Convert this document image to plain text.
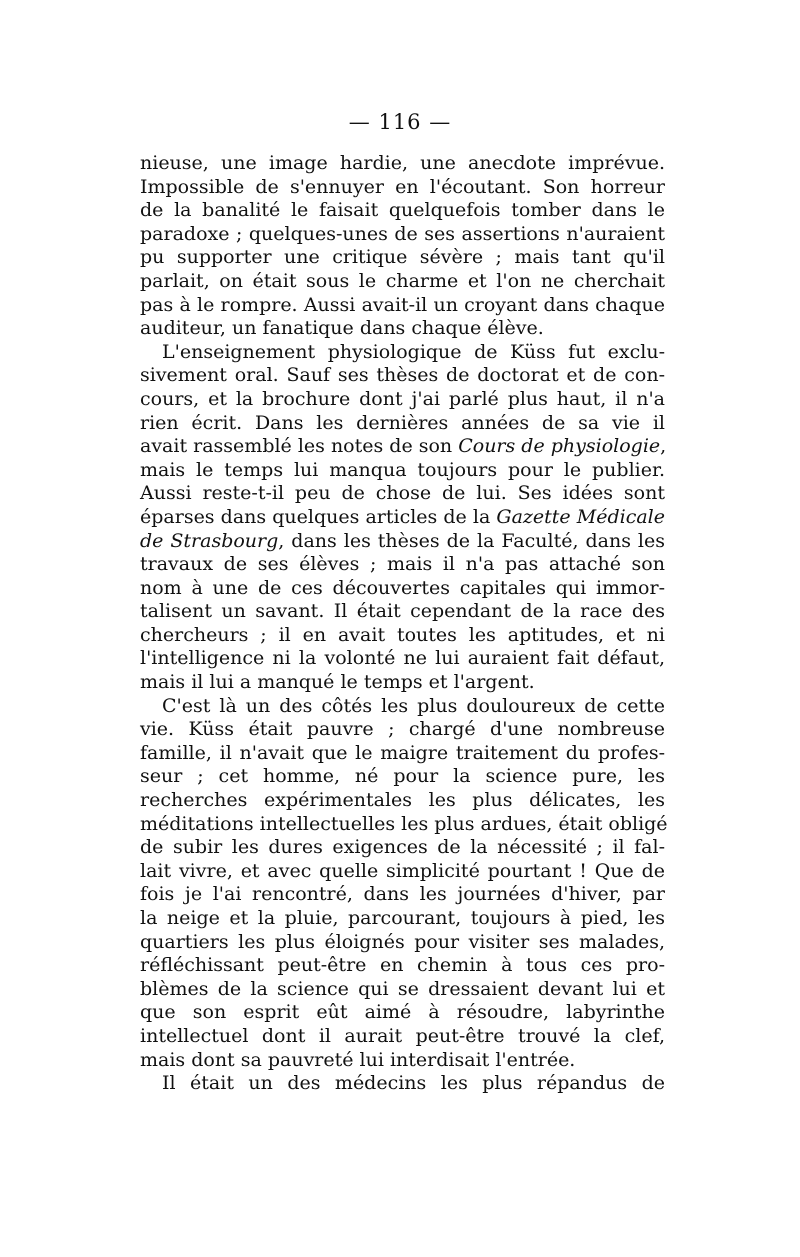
— 116 —
nieuse, une image hardie, une anecdote imprévue.
Impossible de s'ennuyer en l'écoutant. Son horreur
de la banalité le faisait quelquefois tomber dans le
paradoxe ; quelques-unes de ses assertions n'auraient
pu supporter une critique sévère ; mais tant qu'il
parlait, on était sous le charme et l'on ne cherchait
pas à le rompre. Aussi avait-il un croyant dans chaque
auditeur, un fanatique dans chaque élève.
L'enseignement physiologique de Küss fut exclu-
sivement oral. Sauf ses thèses de doctorat et de con-
cours, et la brochure dont j'ai parlé plus haut, il n'a
rien écrit. Dans les dernières années de sa vie il
avait rassemblé les notes de son Cours de physiologie,
mais le temps lui manqua toujours pour le publier.
Aussi reste-t-il peu de chose de lui. Ses idées sont
éparses dans quelques articles de la Gazette Médicale
de Strasbourg, dans les thèses de la Faculté, dans les
travaux de ses élèves ; mais il n'a pas attaché son
nom à une de ces découvertes capitales qui immor-
talisent un savant. Il était cependant de la race des
chercheurs ; il en avait toutes les aptitudes, et ni
l'intelligence ni la volonté ne lui auraient fait défaut,
mais il lui a manqué le temps et l'argent.
C'est là un des côtés les plus douloureux de cette
vie. Küss était pauvre ; chargé d'une nombreuse
famille, il n'avait que le maigre traitement du profes-
seur ; cet homme, né pour la science pure, les
recherches expérimentales les plus délicates, les
méditations intellectuelles les plus ardues, était obligé
de subir les dures exigences de la nécessité ; il fal-
lait vivre, et avec quelle simplicité pourtant ! Que de
fois je l'ai rencontré, dans les journées d'hiver, par
la neige et la pluie, parcourant, toujours à pied, les
quartiers les plus éloignés pour visiter ses malades,
réfléchissant peut-être en chemin à tous ces pro-
blèmes de la science qui se dressaient devant lui et
que son esprit eût aimé à résoudre, labyrinthe
intellectuel dont il aurait peut-être trouvé la clef,
mais dont sa pauvreté lui interdisait l'entrée.
Il était un des médecins les plus répandus de
